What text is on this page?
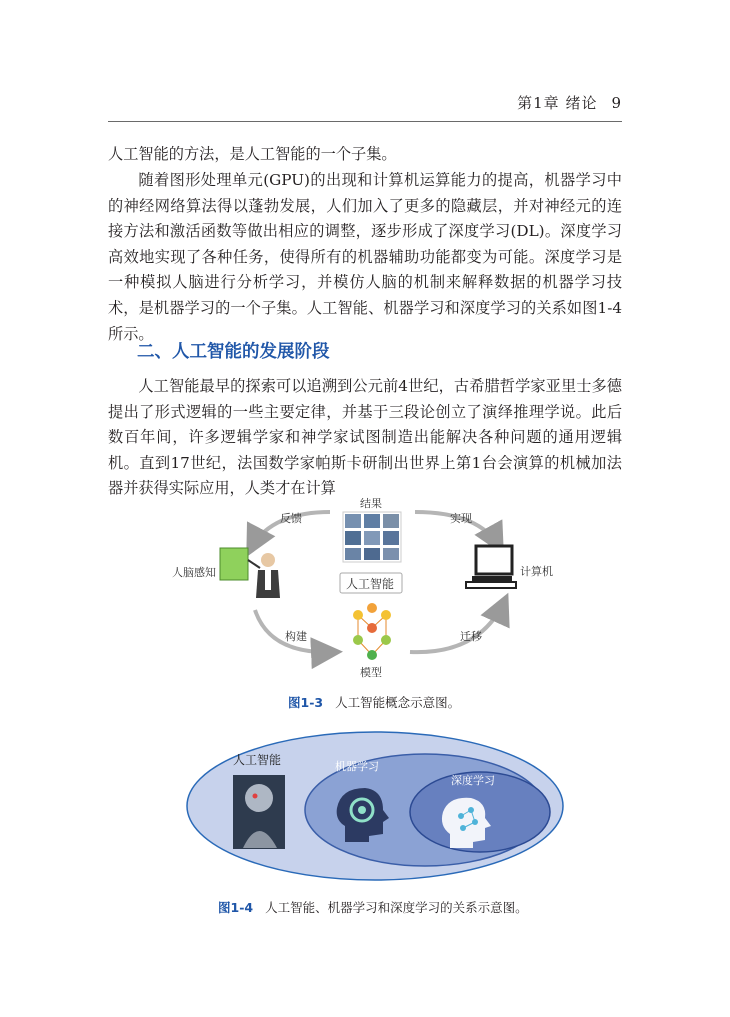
第1章 绪论 9

人工智能的方法，是人工智能的一个子集。

随着图形处理单元(GPU)的出现和计算机运算能力的提高，机器学习中的神经网络算法得以蓬勃发展，人们加入了更多的隐藏层，并对神经元的连接方法和激活函数等做出相应的调整，逐步形成了深度学习(DL)。深度学习高效地实现了各种任务，使得所有的机器辅助功能都变为可能。深度学习是一种模拟人脑进行分析学习，并模仿人脑的机制来解释数据的机器学习技术，是机器学习的一个子集。人工智能、机器学习和深度学习的关系如图1-4所示。

二、人工智能的发展阶段

人工智能最早的探索可以追溯到公元前4世纪，古希腊哲学家亚里士多德提出了形式逻辑的一些主要定律，并基于三段论创立了演绎推理学说。此后数百年间，许多逻辑学家和神学家试图制造出能解决各种问题的通用逻辑机。直到17世纪，法国数学家帕斯卡研制出世界上第1台会演算的机械加法器并获得实际应用，人类才在计算

结果
人工智能
模型
人脑感知	计算机
反馈	实现
构建	迁移
图1-3 人工智能概念示意图。
人工智能	机器学习
深度学习
图1-4 人工智能、机器学习和深度学习的关系示意图。
